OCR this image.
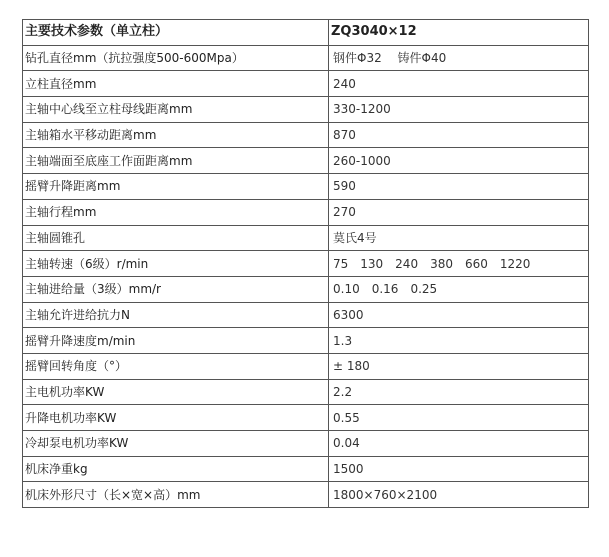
主要技术参数（单立柱）	ZQ3040×12
钻孔直径mm（抗拉强度500-600Mpa）	钢件Φ32　 铸件Φ40
立柱直径mm	240
主轴中心线至立柱母线距离mm	330-1200
主轴箱水平移动距离mm	870
主轴端面至底座工作面距离mm	260-1000
摇臂升降距离mm	590
主轴行程mm	270
主轴圆锥孔	莫氏4号
主轴转速（6级）r/min	75　130　240　380　660　1220
主轴进给量（3级）mm/r	0.10　0.16　0.25
主轴允许进给抗力N	6300
摇臂升降速度m/min	1.3
摇臂回转角度（°）	± 180
主电机功率KW	2.2
升降电机功率KW	0.55
冷却泵电机功率KW	0.04
机床净重kg	1500
机床外形尺寸（长×宽×高）mm	1800×760×2100
